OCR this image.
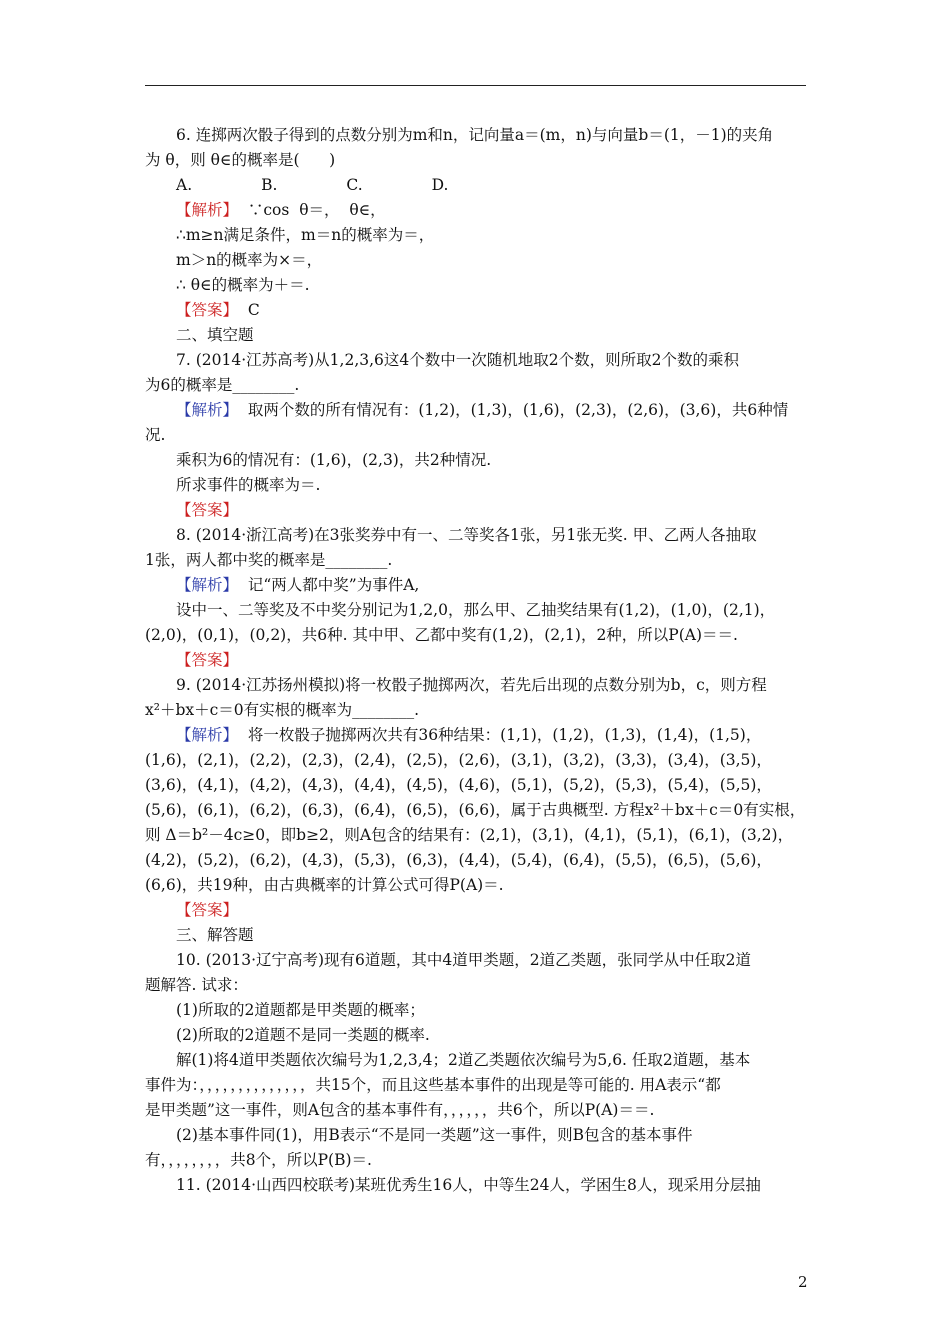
6. 连掷两次骰子得到的点数分别为m和n，记向量a＝(m，n)与向量b＝(1，－1)的夹角
为 θ，则 θ∈的概率是(      )
A.              B.              C.              D.
【解析】  ∵cos  θ＝，  θ∈，
∴m≥n满足条件，m＝n的概率为＝，
m＞n的概率为×＝，
∴ θ∈的概率为＋＝.
【答案】  C
二、填空题
7. (2014·江苏高考)从1,2,3,6这4个数中一次随机地取2个数，则所取2个数的乘积
为6的概率是________.
【解析】  取两个数的所有情况有：(1,2)，(1,3)，(1,6)，(2,3)，(2,6)，(3,6)，共6种情
况.
乘积为6的情况有：(1,6)，(2,3)，共2种情况.
所求事件的概率为＝.
【答案】
8. (2014·浙江高考)在3张奖券中有一、二等奖各1张，另1张无奖. 甲、乙两人各抽取
1张，两人都中奖的概率是________.
【解析】  记“两人都中奖”为事件A,
设中一、二等奖及不中奖分别记为1,2,0，那么甲、乙抽奖结果有(1,2)，(1,0)，(2,1)，
(2,0)，(0,1)，(0,2)，共6种. 其中甲、乙都中奖有(1,2)，(2,1)，2种，所以P(A)＝＝.
【答案】
9. (2014·江苏扬州模拟)将一枚骰子抛掷两次，若先后出现的点数分别为b，c，则方程
x²＋bx＋c＝0有实根的概率为________.
【解析】  将一枚骰子抛掷两次共有36种结果：(1,1)，(1,2)，(1,3)，(1,4)，(1,5)，
(1,6)，(2,1)，(2,2)，(2,3)，(2,4)，(2,5)，(2,6)，(3,1)，(3,2)，(3,3)，(3,4)，(3,5)，
(3,6)，(4,1)，(4,2)，(4,3)，(4,4)，(4,5)，(4,6)，(5,1)，(5,2)，(5,3)，(5,4)，(5,5)，
(5,6)，(6,1)，(6,2)，(6,3)，(6,4)，(6,5)，(6,6)，属于古典概型. 方程x²＋bx＋c＝0有实根，
则 Δ＝b²－4c≥0，即b≥2，则A包含的结果有：(2,1)，(3,1)，(4,1)，(5,1)，(6,1)，(3,2)，
(4,2)，(5,2)，(6,2)，(4,3)，(5,3)，(6,3)，(4,4)，(5,4)，(6,4)，(5,5)，(6,5)，(5,6)，
(6,6)，共19种，由古典概率的计算公式可得P(A)＝.
【答案】
三、解答题
10. (2013·辽宁高考)现有6道题，其中4道甲类题，2道乙类题，张同学从中任取2道
题解答. 试求：
(1)所取的2道题都是甲类题的概率；
(2)所取的2道题不是同一类题的概率.
解(1)将4道甲类题依次编号为1,2,3,4；2道乙类题依次编号为5,6. 任取2道题，基本
事件为：，，，，，，，，，，，，，，共15个，而且这些基本事件的出现是等可能的. 用A表示“都
是甲类题”这一事件，则A包含的基本事件有，，，，，，共6个，所以P(A)＝＝.
(2)基本事件同(1)，用B表示“不是同一类题”这一事件，则B包含的基本事件
有，，，，，，，，共8个，所以P(B)＝.
11. (2014·山西四校联考)某班优秀生16人，中等生24人，学困生8人，现采用分层抽
2
